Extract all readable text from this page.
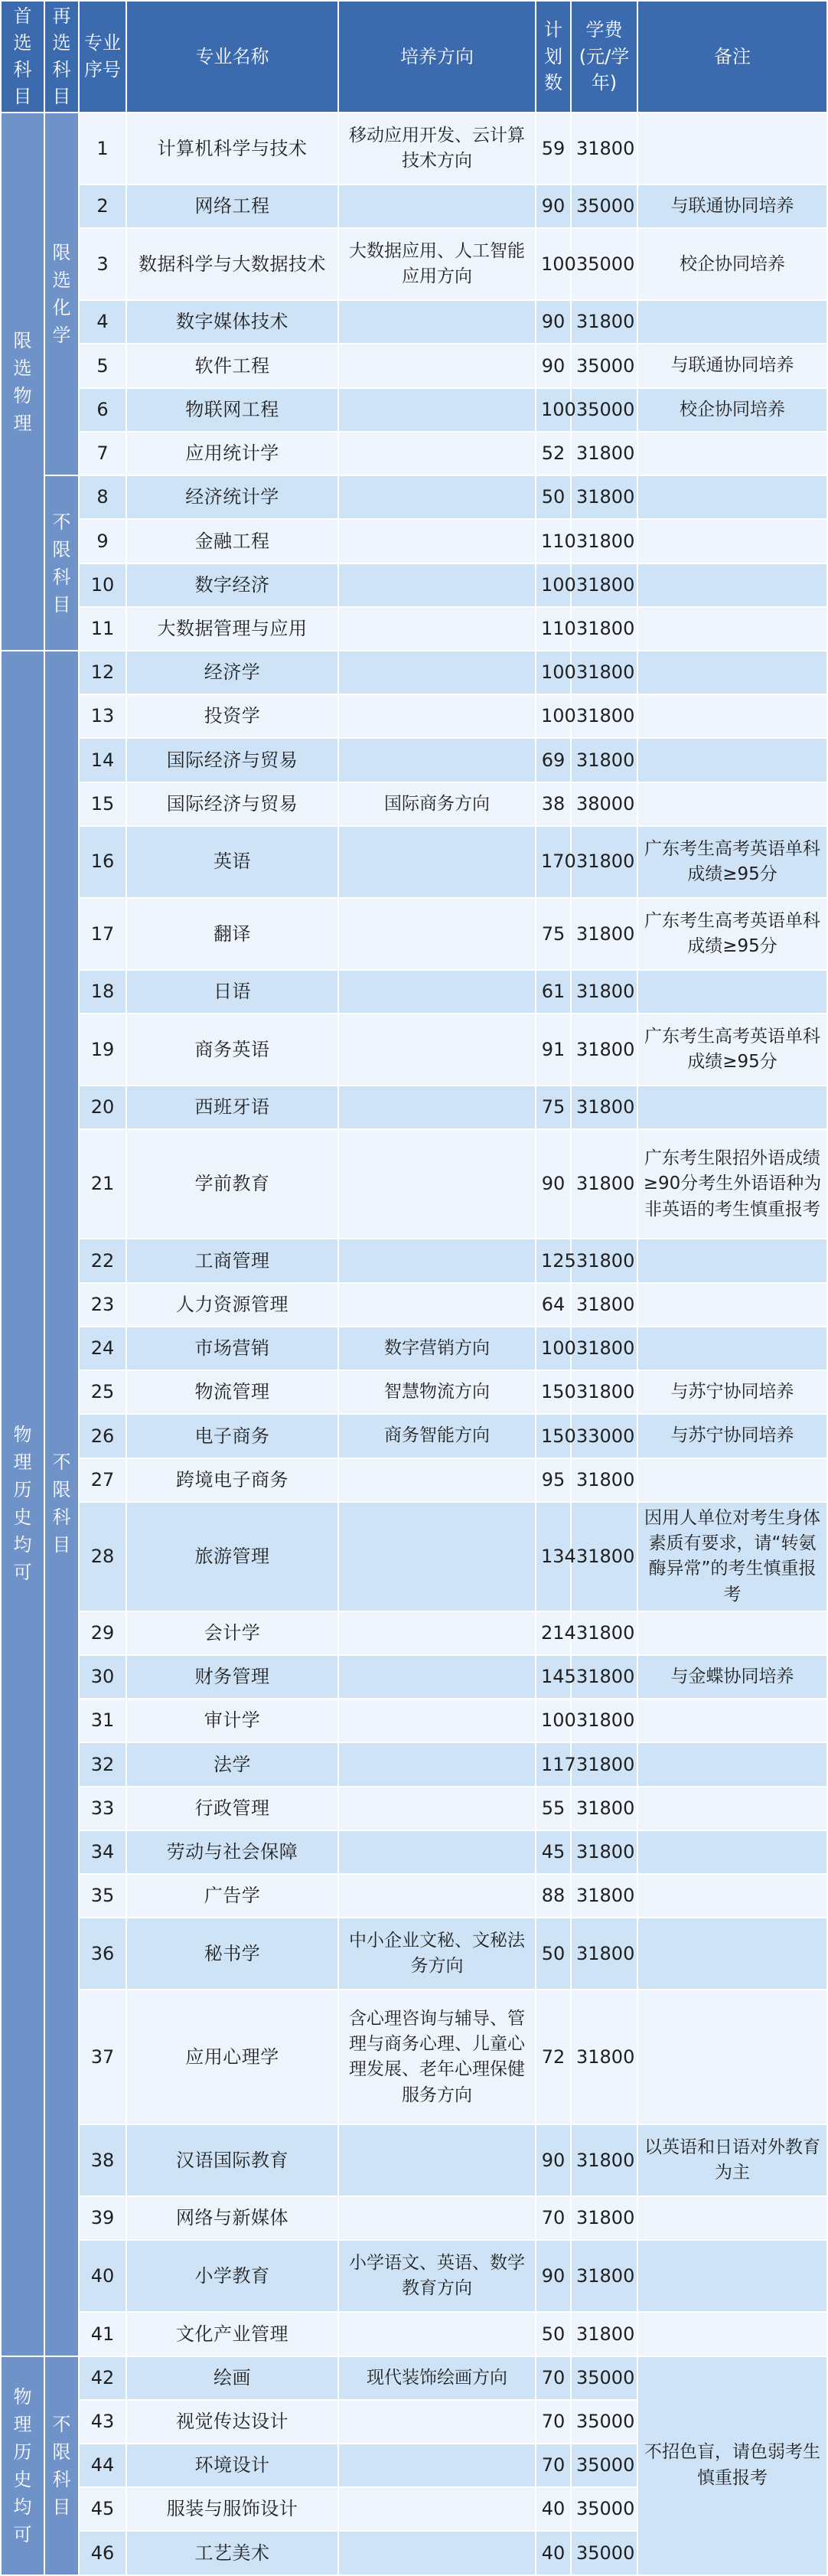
首选科目	再选科目	专业序号	专业名称	培养方向	计划数	学费(元/学年)	备注
限选物理	限选化学	1	计算机科学与技术	移动应用开发、云计算技术方向	59	31800	
		2	网络工程		90	35000	与联通协同培养
		3	数据科学与大数据技术	大数据应用、人工智能应用方向	100	35000	校企协同培养
		4	数字媒体技术		90	31800	
		5	软件工程		90	35000	与联通协同培养
		6	物联网工程		100	35000	校企协同培养
		7	应用统计学		52	31800	
	不限科目	8	经济统计学		50	31800	
		9	金融工程		110	31800	
		10	数字经济		100	31800	
		11	大数据管理与应用		110	31800	
物理历史均可	不限科目	12	经济学		100	31800	
		13	投资学		100	31800	
		14	国际经济与贸易		69	31800	
		15	国际经济与贸易	国际商务方向	38	38000	
		16	英语		170	31800	广东考生高考英语单科成绩≥95分
		17	翻译		75	31800	广东考生高考英语单科成绩≥95分
		18	日语		61	31800	
		19	商务英语		91	31800	广东考生高考英语单科成绩≥95分
		20	西班牙语		75	31800	
		21	学前教育		90	31800	广东考生限招外语成绩≥90分考生外语语种为非英语的考生慎重报考
		22	工商管理		125	31800	
		23	人力资源管理		64	31800	
		24	市场营销	数字营销方向	100	31800	
		25	物流管理	智慧物流方向	150	31800	与苏宁协同培养
		26	电子商务	商务智能方向	150	33000	与苏宁协同培养
		27	跨境电子商务		95	31800	
		28	旅游管理		134	31800	因用人单位对考生身体素质有要求，请“转氨酶异常”的考生慎重报考
		29	会计学		214	31800	
		30	财务管理		145	31800	与金蝶协同培养
		31	审计学		100	31800	
		32	法学		117	31800	
		33	行政管理		55	31800	
		34	劳动与社会保障		45	31800	
		35	广告学		88	31800	
		36	秘书学	中小企业文秘、文秘法务方向	50	31800	
		37	应用心理学	含心理咨询与辅导、管理与商务心理、儿童心理发展、老年心理保健服务方向	72	31800	
		38	汉语国际教育		90	31800	以英语和日语对外教育为主
		39	网络与新媒体		70	31800	
		40	小学教育	小学语文、英语、数学教育方向	90	31800	
		41	文化产业管理		50	31800	
物理历史均可	不限科目	42	绘画	现代装饰绘画方向	70	35000	不招色盲，请色弱考生慎重报考
		43	视觉传达设计		70	35000	
		44	环境设计		70	35000	
		45	服装与服饰设计		40	35000	
		46	工艺美术		40	35000	
